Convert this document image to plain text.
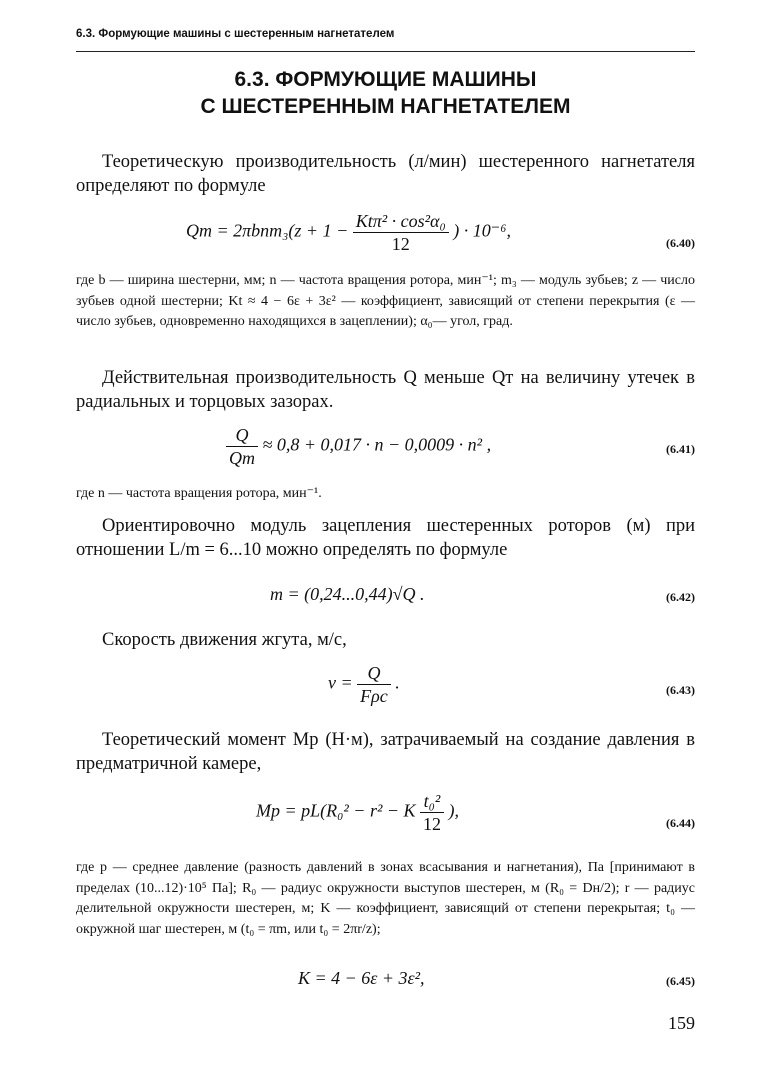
6.3. Формующие машины с шестеренным нагнетателем
6.3. ФОРМУЮЩИЕ МАШИНЫ
С ШЕСТЕРЕННЫМ НАГНЕТАТЕЛЕМ
Теоретическую производительность (л/мин) шестеренного нагнетателя определяют по формуле
Qт = $2\pi bnm_3(z + 1 - \frac{\text{Ktπ² · cos²α₀}}{12}$ ) · 10⁻⁶,
(6.40)
где b — ширина шестерни, мм; n — частота вращения ротора, мин⁻¹; m₃ — модуль зубьев; z — число зубьев одной шестерни; Kt ≈ 4 − 6ε + 3ε² — коэффициент, зависящий от степени перекрытия (ε — число зубьев, одновременно находящихся в зацеплении); α₀— угол, град.
Действительная производительность Q меньше Qт на величину утечек в радиальных и торцовых зазорах.
$\frac{Q}{Qт} \approx 0,8 + 0,017 \cdot n - 0,0009 \cdot n^2$ ,	(6.41)
где n — частота вращения ротора, мин⁻¹.
Ориентировочно модуль зацепления шестеренных роторов (м) при отношении L/m = 6...10 можно определять по формуле
m = (0,24...0,44)√Q .	(6.42)
Скорость движения жгута, м/с,
$v = \frac{Q}{\text{Fρc}}$ .	(6.43)
Теоретический момент Mp (Н·м), затрачиваемый на создание давления в предматричной камере,
Mp = pL(R₀² − r² − K $\frac{\text{t₀²}}{12}$ ),
(6.44)
где p — среднее давление (разность давлений в зонах всасывания и нагнетания), Па [принимают в пределах (10...12)·10⁵ Па]; R₀ — радиус окружности выступов шестерен, м (R₀ = Dн/2); r — радиус делительной окружности шестерен, м; K — коэффициент, зависящий от степени перекрытая; t₀ — окружной шаг шестерен, м (t₀ = πm, или t₀ = 2πr/z);
K = 4 − 6ε + 3ε²,	(6.45)
159
